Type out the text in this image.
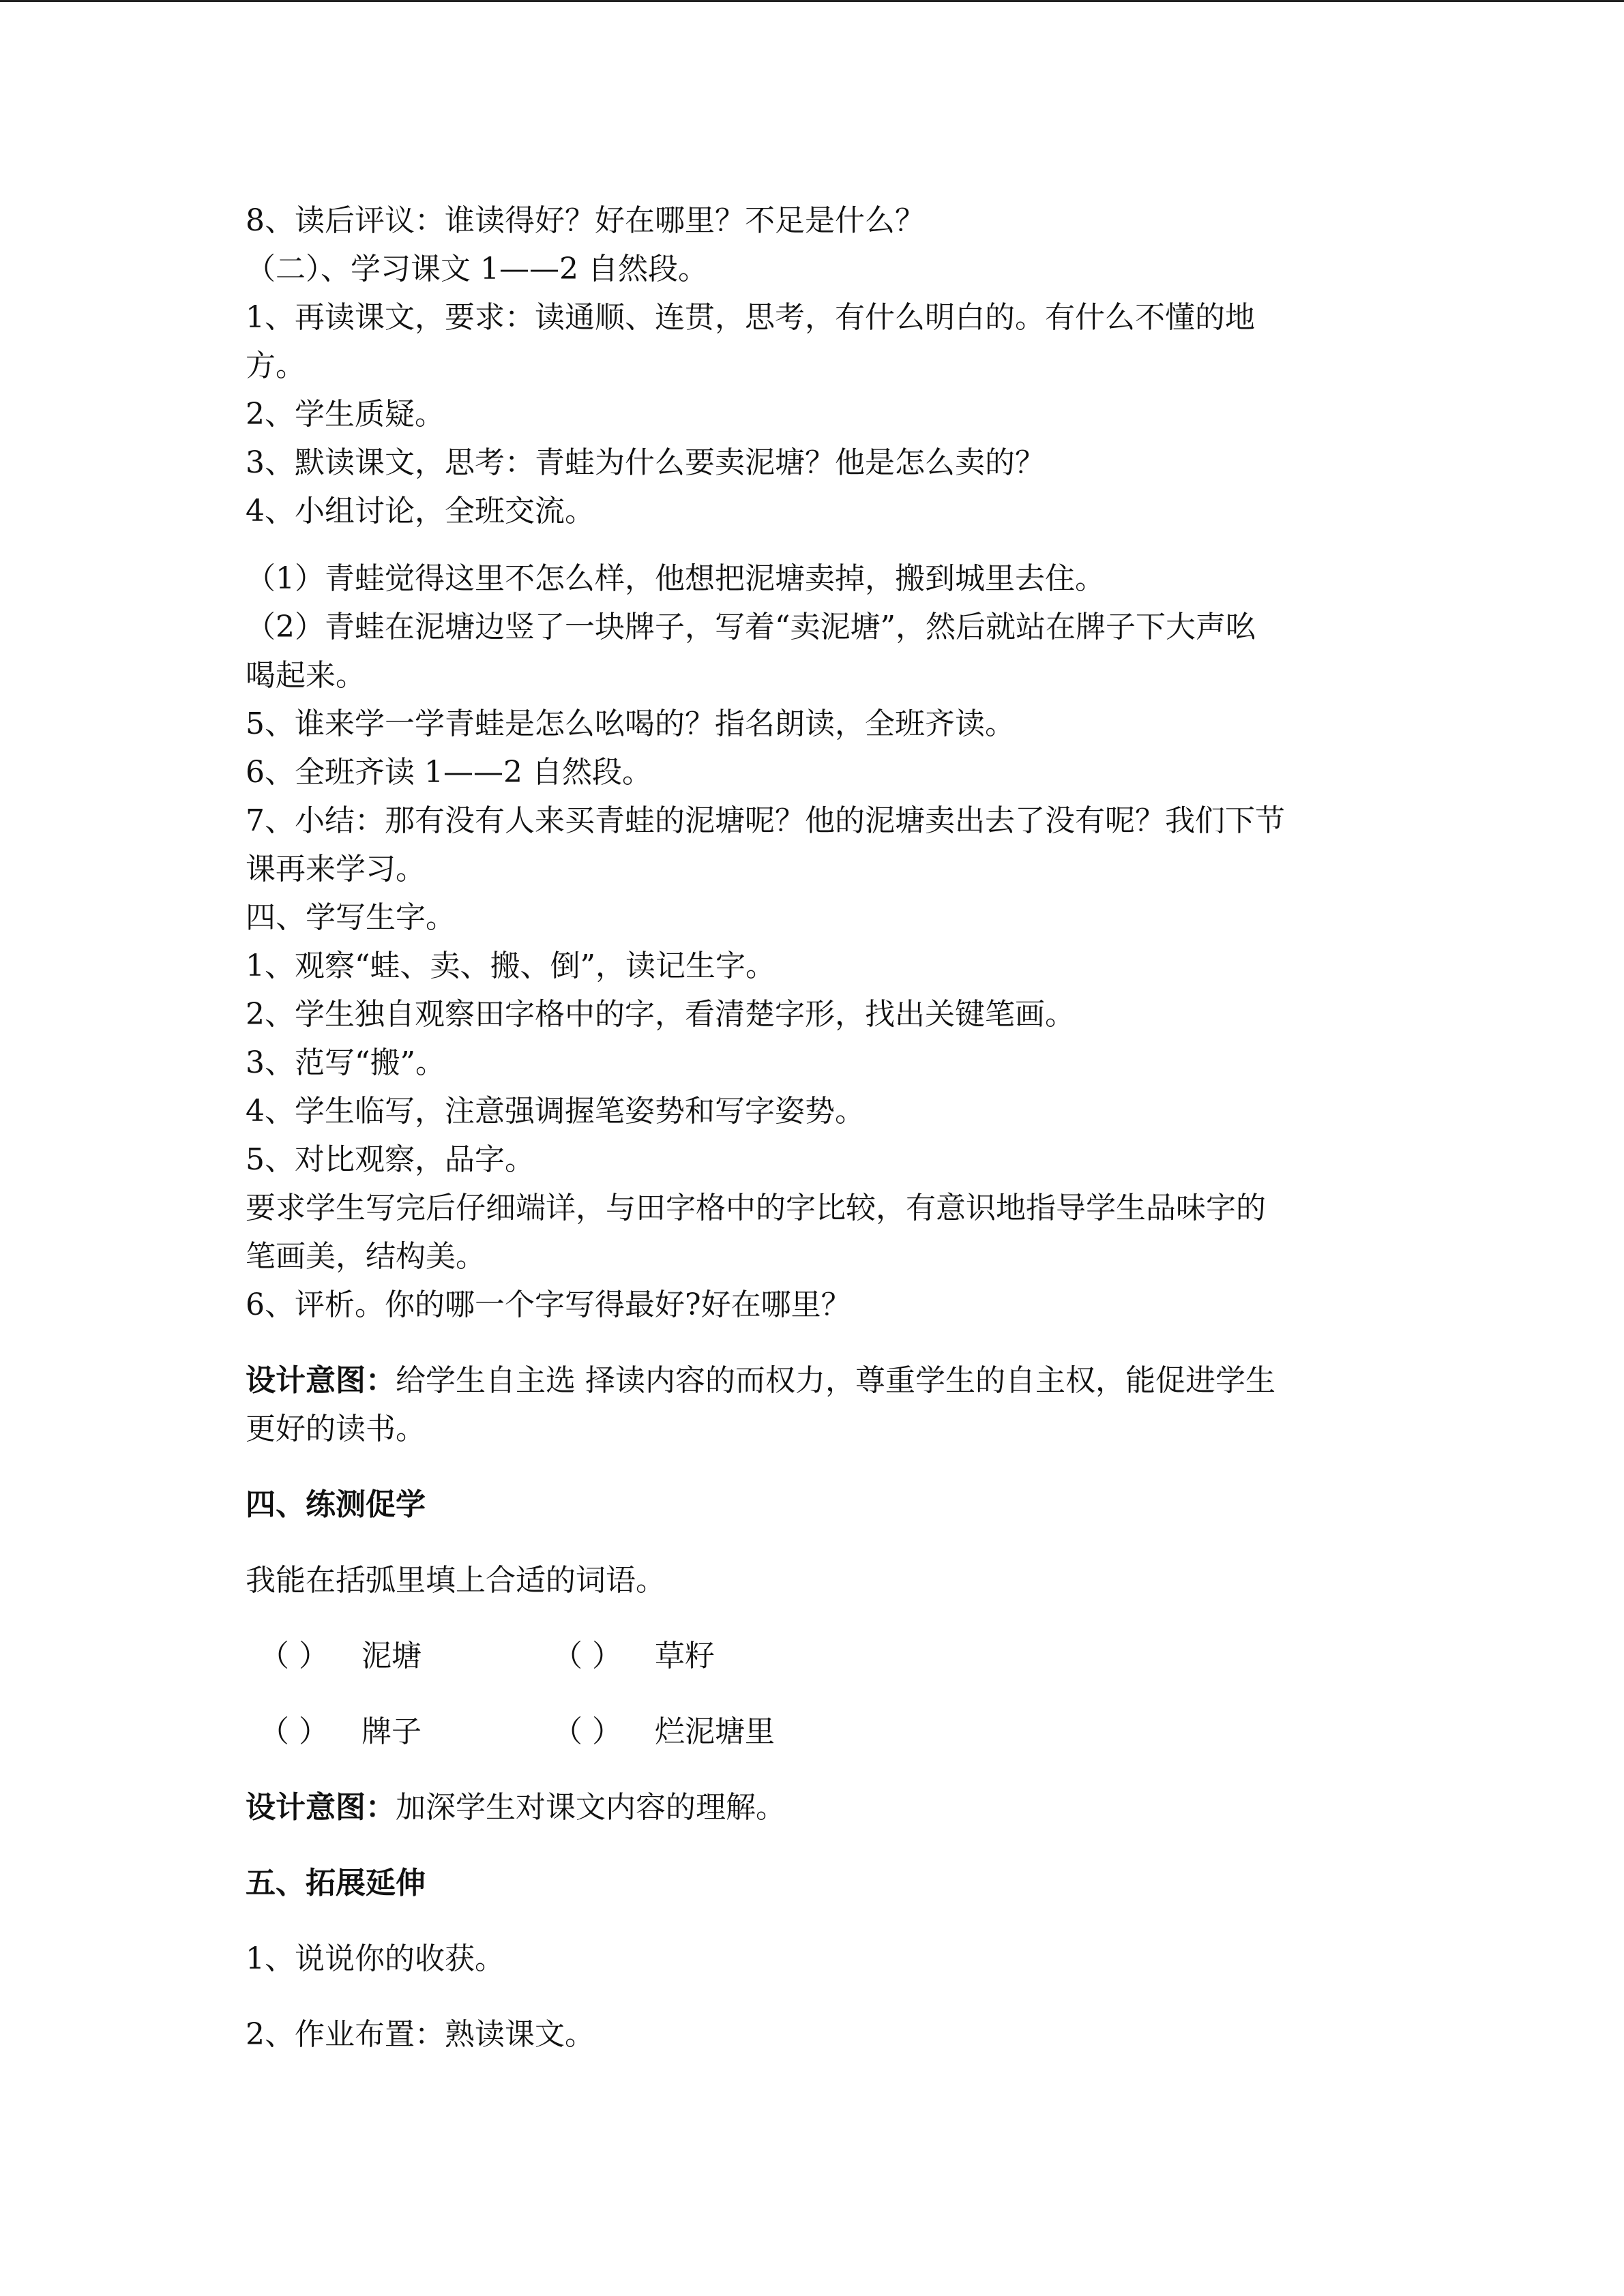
8、读后评议：谁读得好？好在哪里？不足是什么？
（二）、学习课文 1——2 自然段。
1、再读课文，要求：读通顺、连贯，思考，有什么明白的。有什么不懂的地
方。
2、学生质疑。
3、默读课文，思考：青蛙为什么要卖泥塘？他是怎么卖的？
4、小组讨论，全班交流。
（1）青蛙觉得这里不怎么样，他想把泥塘卖掉，搬到城里去住。
（2）青蛙在泥塘边竖了一块牌子，写着“卖泥塘”，然后就站在牌子下大声吆
喝起来。
5、谁来学一学青蛙是怎么吆喝的？指名朗读，全班齐读。
6、全班齐读 1——2 自然段。
7、小结：那有没有人来买青蛙的泥塘呢？他的泥塘卖出去了没有呢？我们下节
课再来学习。
四、学写生字。
1、观察“蛙、卖、搬、倒”，读记生字。
2、学生独自观察田字格中的字，看清楚字形，找出关键笔画。
3、范写“搬”。
4、学生临写，注意强调握笔姿势和写字姿势。
5、对比观察，品字。
要求学生写完后仔细端详，与田字格中的字比较，有意识地指导学生品味字的
笔画美，结构美。
6、评析。你的哪一个字写得最好?好在哪里？
设计意图：给学生自主选 择读内容的而权力，尊重学生的自主权，能促进学生
更好的读书。
四、练测促学
我能在括弧里填上合适的词语。
（ ） 泥塘	（ ） 草籽
（ ） 牌子	（ ） 烂泥塘里
设计意图：加深学生对课文内容的理解。
五、拓展延伸
1、说说你的收获。
2、作业布置：熟读课文。
